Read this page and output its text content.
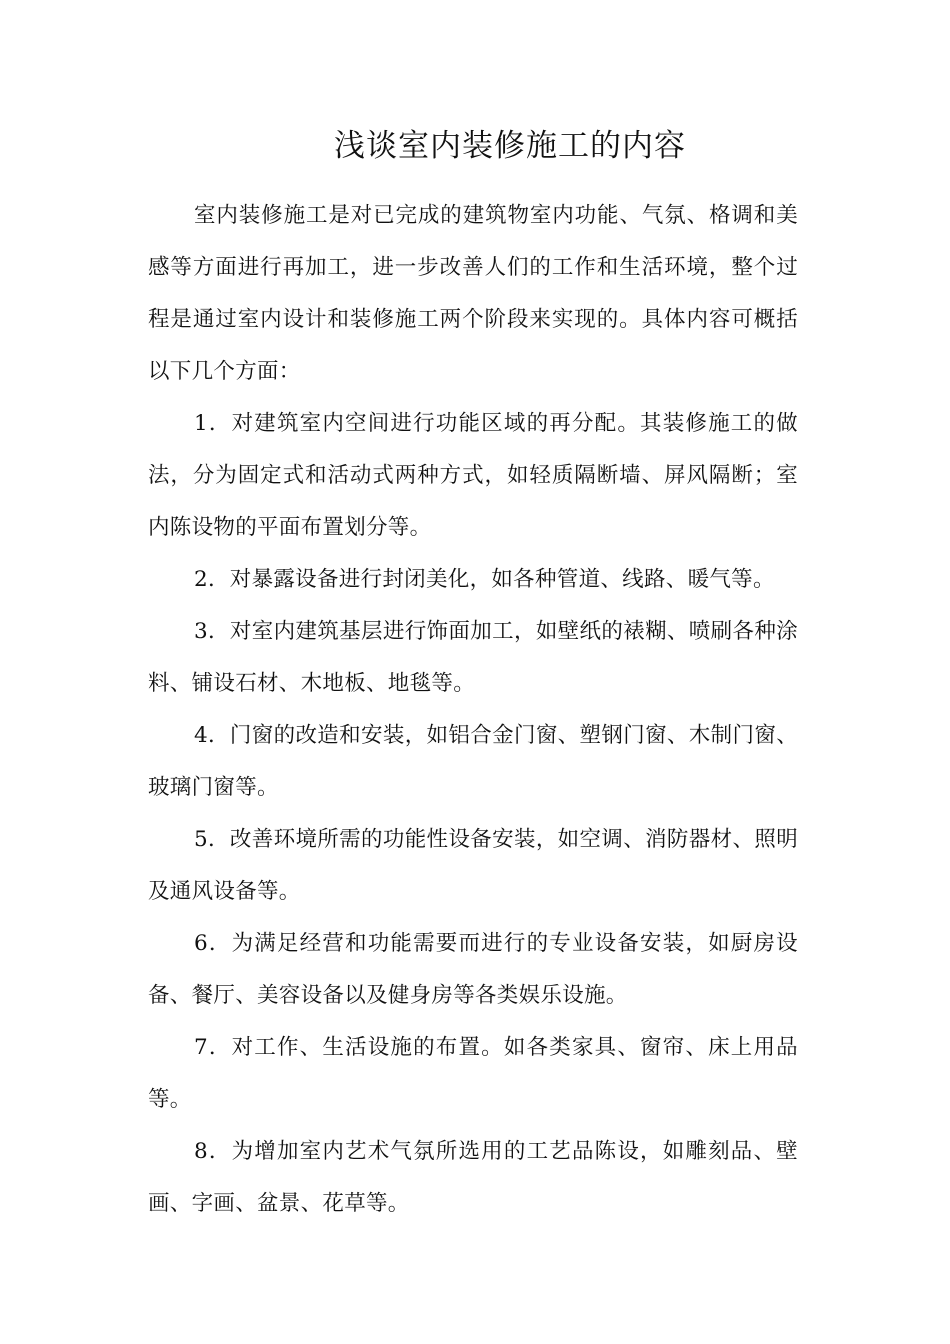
浅谈室内装修施工的内容

室内装修施工是对已完成的建筑物室内功能、气氛、格调和美感等方面进行再加工，进一步改善人们的工作和生活环境，整个过程是通过室内设计和装修施工两个阶段来实现的。具体内容可概括以下几个方面：

1．对建筑室内空间进行功能区域的再分配。其装修施工的做法，分为固定式和活动式两种方式，如轻质隔断墙、屏风隔断；室内陈设物的平面布置划分等。

2．对暴露设备进行封闭美化，如各种管道、线路、暖气等。

3．对室内建筑基层进行饰面加工，如壁纸的裱糊、喷刷各种涂料、铺设石材、木地板、地毯等。

4．门窗的改造和安装，如铝合金门窗、塑钢门窗、木制门窗、玻璃门窗等。

5．改善环境所需的功能性设备安装，如空调、消防器材、照明及通风设备等。

6．为满足经营和功能需要而进行的专业设备安装，如厨房设备、餐厅、美容设备以及健身房等各类娱乐设施。

7．对工作、生活设施的布置。如各类家具、窗帘、床上用品等。

8．为增加室内艺术气氛所选用的工艺品陈设，如雕刻品、壁画、字画、盆景、花草等。
